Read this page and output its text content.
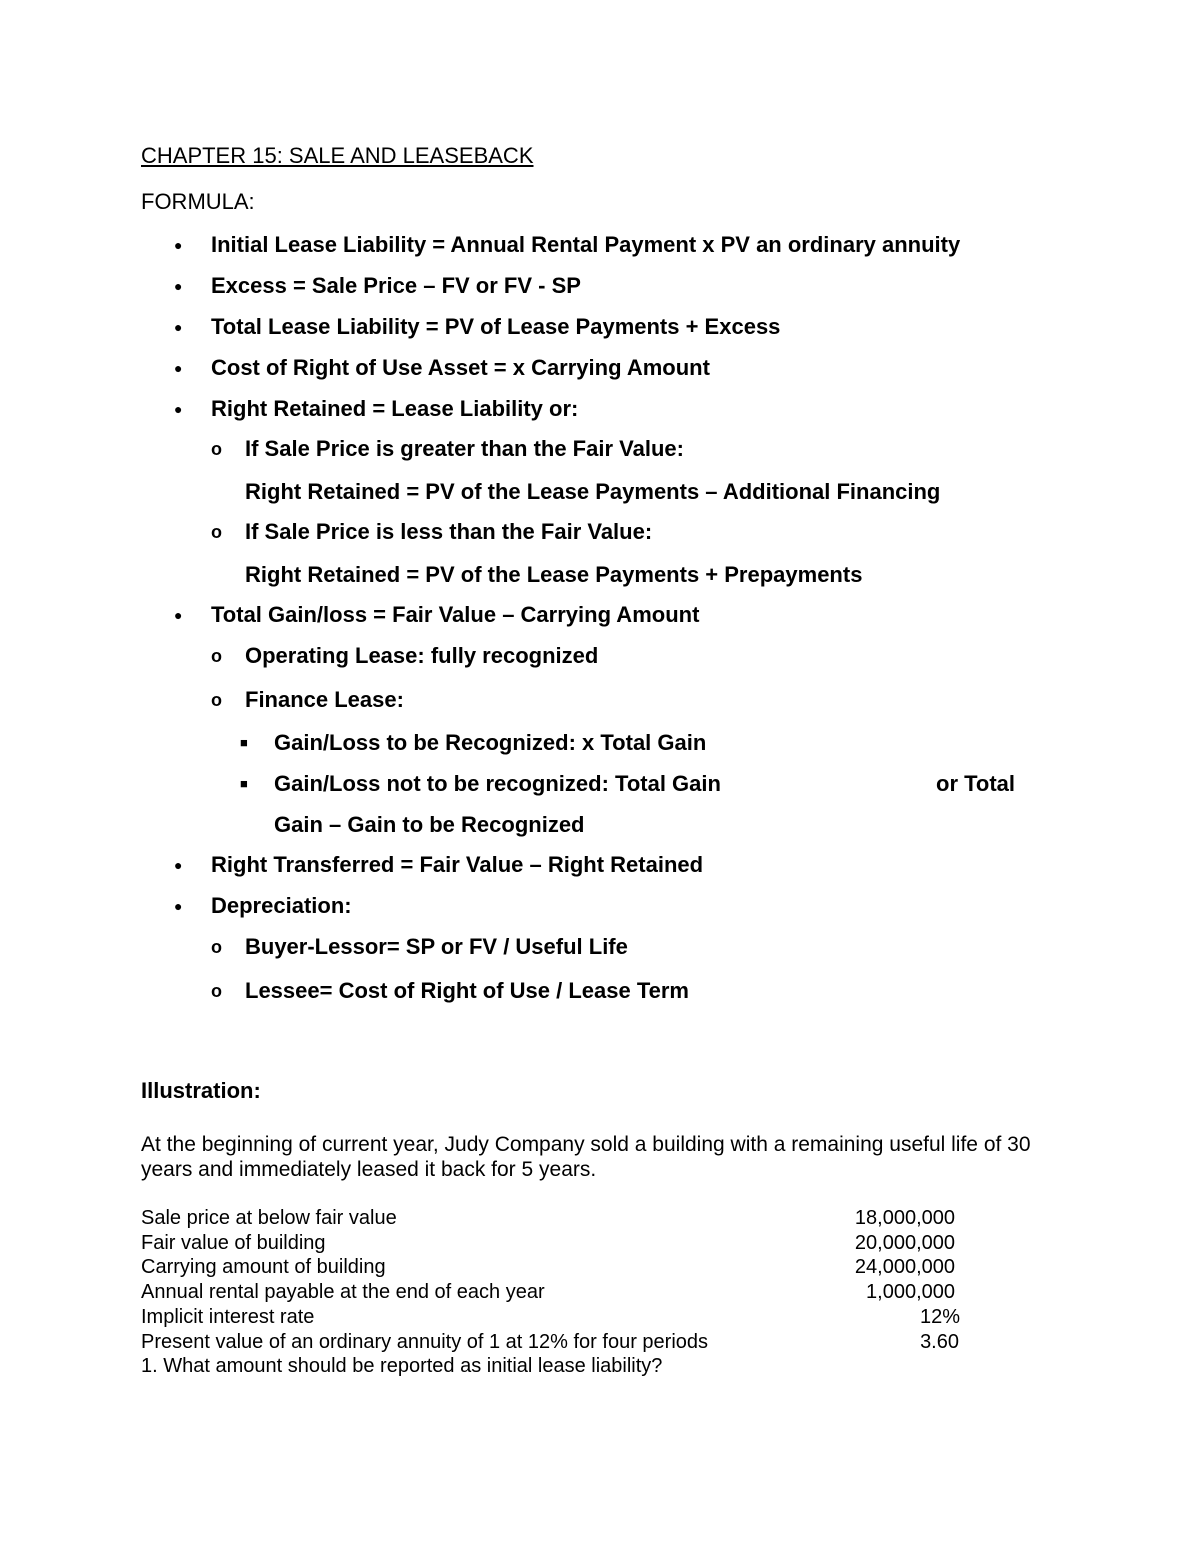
CHAPTER 15: SALE AND LEASEBACK
FORMULA:
● Initial Lease Liability = Annual Rental Payment x PV an ordinary annuity
● Excess = Sale Price – FV or FV - SP
● Total Lease Liability = PV of Lease Payments + Excess
● Cost of Right of Use Asset = x Carrying Amount
● Right Retained = Lease Liability or:
o If Sale Price is greater than the Fair Value:
Right Retained = PV of the Lease Payments – Additional Financing
o If Sale Price is less than the Fair Value:
Right Retained = PV of the Lease Payments + Prepayments
● Total Gain/loss = Fair Value – Carrying Amount
o Operating Lease: fully recognized
o Finance Lease:
■ Gain/Loss to be Recognized: x Total Gain
■ Gain/Loss not to be recognized: Total Gain	or Total
Gain – Gain to be Recognized
● Right Transferred = Fair Value – Right Retained
● Depreciation:
o Buyer-Lessor= SP or FV / Useful Life
o Lessee= Cost of Right of Use / Lease Term
Illustration:
At the beginning of current year, Judy Company sold a building with a remaining useful life of 30
years and immediately leased it back for 5 years.
Sale price at below fair value	18,000,000
Fair value of building	20,000,000
Carrying amount of building	24,000,000
Annual rental payable at the end of each year	1,000,000
Implicit interest rate	12%
Present value of an ordinary annuity of 1 at 12% for four periods	3.60
1. What amount should be reported as initial lease liability?
